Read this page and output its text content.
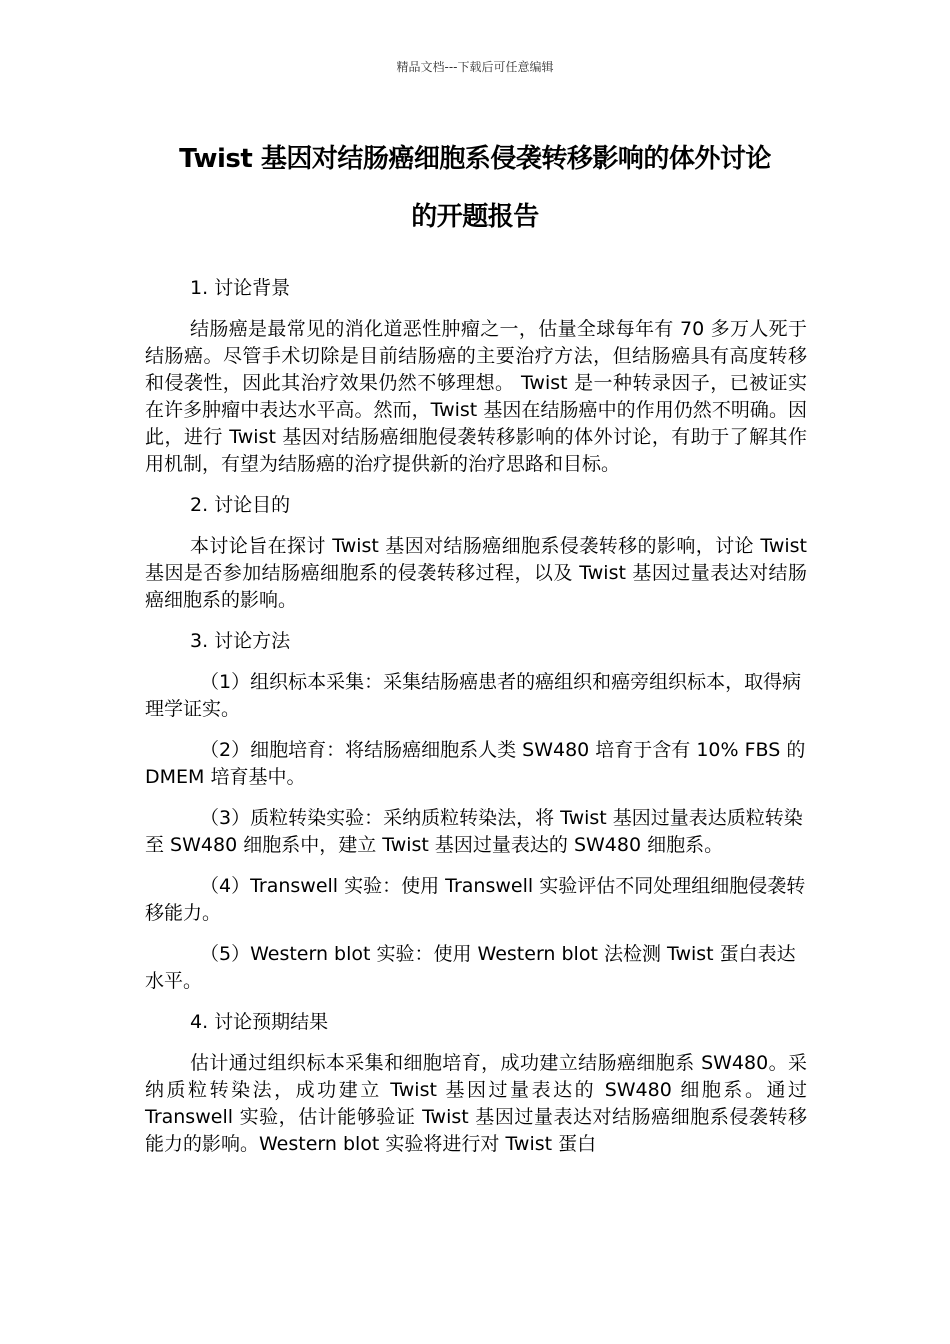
精品文档---下载后可任意编辑
Twist 基因对结肠癌细胞系侵袭转移影响的体外讨论
的开题报告

1. 讨论背景

结肠癌是最常见的消化道恶性肿瘤之一，估量全球每年有 70 多万人死于结肠癌。尽管手术切除是目前结肠癌的主要治疗方法，但结肠癌具有高度转移和侵袭性，因此其治疗效果仍然不够理想。 Twist 是一种转录因子，已被证实在许多肿瘤中表达水平高。然而，Twist 基因在结肠癌中的作用仍然不明确。因此，进行 Twist 基因对结肠癌细胞侵袭转移影响的体外讨论，有助于了解其作用机制，有望为结肠癌的治疗提供新的治疗思路和目标。

2. 讨论目的

本讨论旨在探讨 Twist 基因对结肠癌细胞系侵袭转移的影响，讨论 Twist 基因是否参加结肠癌细胞系的侵袭转移过程，以及 Twist 基因过量表达对结肠癌细胞系的影响。

3. 讨论方法

（1）组织标本采集：采集结肠癌患者的癌组织和癌旁组织标本，取得病理学证实。

（2）细胞培育：将结肠癌细胞系人类 SW480 培育于含有 10% FBS 的 DMEM 培育基中。

（3）质粒转染实验：采纳质粒转染法，将 Twist 基因过量表达质粒转染至 SW480 细胞系中，建立 Twist 基因过量表达的 SW480 细胞系。

（4）Transwell 实验：使用 Transwell 实验评估不同处理组细胞侵袭转移能力。

（5）Western blot 实验：使用 Western blot 法检测 Twist 蛋白表达水平。

4. 讨论预期结果

估计通过组织标本采集和细胞培育，成功建立结肠癌细胞系 SW480。采纳质粒转染法，成功建立 Twist 基因过量表达的 SW480 细胞系。通过 Transwell 实验，估计能够验证 Twist 基因过量表达对结肠癌细胞系侵袭转移能力的影响。Western blot 实验将进行对 Twist 蛋白
